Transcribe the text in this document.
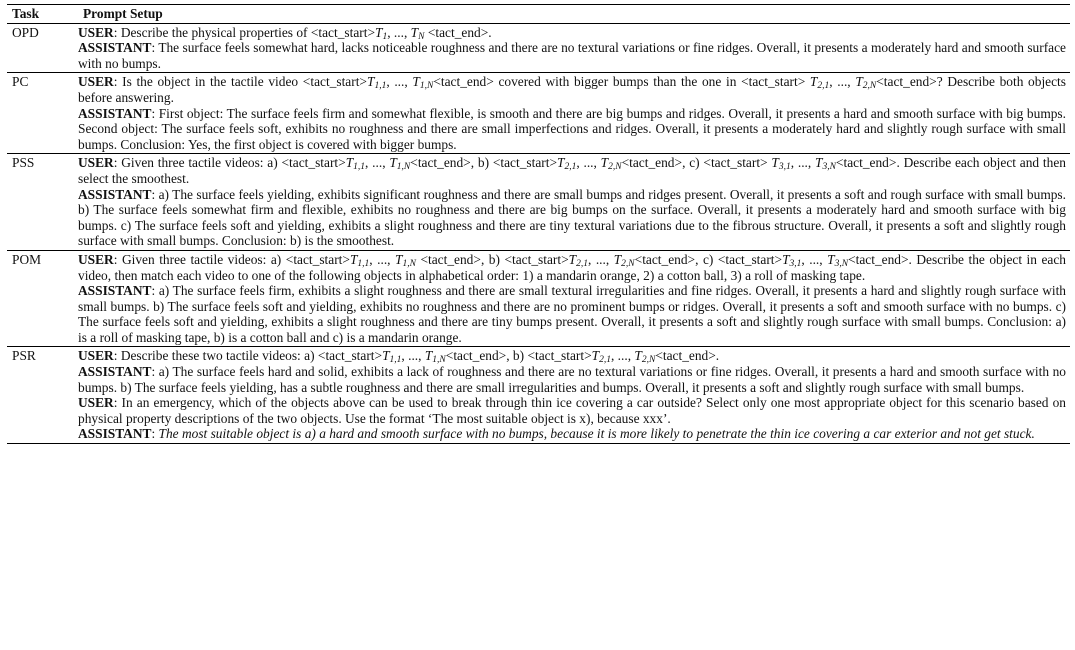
Task	Prompt Setup
OPD	USER: Describe the physical properties of $<tact\_start>T_1$, ..., $T_N$ <tact_end>.

ASSISTANT: The surface feels somewhat hard, lacks noticeable roughness and there are no textural variations or fine ridges. Overall, it presents a moderately hard and smooth surface with no bumps.

PC	USER: Is the object in the tactile video $<tact\_start>T_{1,1}$, ..., $T_{1,N}<tact\_end>$ covered with bigger bumps than the one in <tact_start> $T_{2,1}$, ..., $T_{2,N}<tact\_end>$? Describe both objects before answering.

ASSISTANT: First object: The surface feels firm and somewhat flexible, is smooth and there are big bumps and ridges. Overall, it presents a hard and smooth surface with big bumps. Second object: The surface feels soft, exhibits no roughness and there are small imperfections and ridges. Overall, it presents a moderately hard and slightly rough surface with small bumps. Conclusion: Yes, the first object is covered with bigger bumps.

PSS	USER: Given three tactile videos: $a) <tact\_start>T_{1,1}$, ..., $T_{1,N}<tact\_end>$, $b) <tact\_start>T_{2,1}$, ..., $T_{2,N}<tact\_end>$, c) <tact_start> $T_{3,1}$, ..., $T_{3,N}<tact\_end>$. Describe each object and then select the smoothest.

ASSISTANT: a) The surface feels yielding, exhibits significant roughness and there are small bumps and ridges present. Overall, it presents a soft and rough surface with small bumps. b) The surface feels somewhat firm and flexible, exhibits no roughness and there are big bumps on the surface. Overall, it presents a moderately hard and smooth surface with big bumps. c) The surface feels soft and yielding, exhibits a slight roughness and there are tiny textural variations due to the fibrous structure. Overall, it presents a soft and slightly rough surface with small bumps. Conclusion: b) is the smoothest.

POM	USER: Given three tactile videos: $a) <tact\_start>T_{1,1}$, ..., $T_{1,N}$ <tact_end>, $b) <tact\_start>T_{2,1}$, ..., $T_{2,N}<tact\_end>$, $c) <tact\_start>T_{3,1}$, ..., $T_{3,N}<tact\_end>$. Describe the object in each video, then match each video to one of the following objects in alphabetical order: 1) a mandarin orange, 2) a cotton ball, 3) a roll of masking tape.

ASSISTANT: a) The surface feels firm, exhibits a slight roughness and there are small textural irregularities and fine ridges. Overall, it presents a hard and slightly rough surface with small bumps. b) The surface feels soft and yielding, exhibits no roughness and there are no prominent bumps or ridges. Overall, it presents a soft and smooth surface with no bumps. c) The surface feels soft and yielding, exhibits a slight roughness and there are tiny bumps present. Overall, it presents a soft and slightly rough surface with small bumps. Conclusion: a) is a roll of masking tape, b) is a cotton ball and c) is a mandarin orange.

PSR	USER: Describe these two tactile videos: $a) <tact\_start>T_{1,1}$, ..., $T_{1,N}<tact\_end>$, $b) <tact\_start>T_{2,1}$, ..., $T_{2,N}<tact\_end>$.

ASSISTANT: a) The surface feels hard and solid, exhibits a lack of roughness and there are no textural variations or fine ridges. Overall, it presents a hard and smooth surface with no bumps. b) The surface feels yielding, has a subtle roughness and there are small irregularities and bumps. Overall, it presents a soft and slightly rough surface with small bumps.

USER: In an emergency, which of the objects above can be used to break through thin ice covering a car outside? Select only one most appropriate object for this scenario based on physical property descriptions of the two objects. Use the format ‘The most suitable object is x), because xxx’.

ASSISTANT: The most suitable object is a) a hard and smooth surface with no bumps, because it is more likely to penetrate the thin ice covering a car exterior and not get stuck.
